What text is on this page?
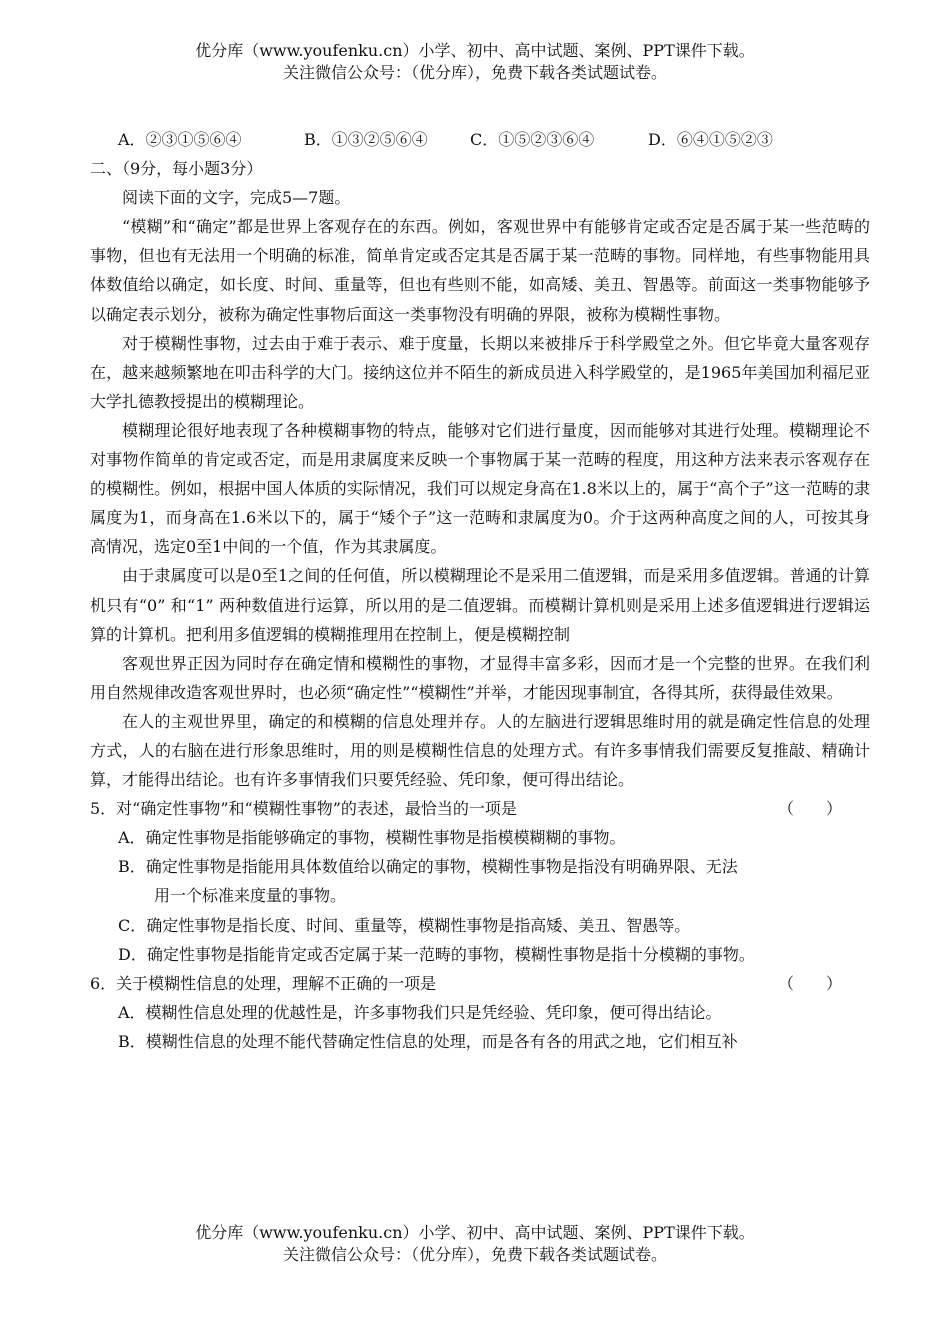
优分库（www.youfenku.cn）小学、初中、高中试题、案例、PPT课件下载。
关注微信公众号：（优分库），免费下载各类试题试卷。
A．②③①⑤⑥④	B．①③②⑤⑥④	C．①⑤②③⑥④	D．⑥④①⑤②③
二、（9分，每小题3分）

阅读下面的文字，完成5—7题。

“模糊”和“确定”都是世界上客观存在的东西。例如，客观世界中有能够肯定或否定是否属于某一些范畴的事物，但也有无法用一个明确的标准，简单肯定或否定其是否属于某一范畴的事物。同样地，有些事物能用具体数值给以确定，如长度、时间、重量等，但也有些则不能，如高矮、美丑、智愚等。前面这一类事物能够予以确定表示划分，被称为确定性事物后面这一类事物没有明确的界限，被称为模糊性事物。

对于模糊性事物，过去由于难于表示、难于度量，长期以来被排斥于科学殿堂之外。但它毕竟大量客观存在，越来越频繁地在叩击科学的大门。接纳这位并不陌生的新成员进入科学殿堂的，是1965年美国加利福尼亚大学扎德教授提出的模糊理论。

模糊理论很好地表现了各种模糊事物的特点，能够对它们进行量度，因而能够对其进行处理。模糊理论不对事物作简单的肯定或否定，而是用隶属度来反映一个事物属于某一范畴的程度，用这种方法来表示客观存在的模糊性。例如，根据中国人体质的实际情况，我们可以规定身高在1.8米以上的，属于“高个子”这一范畴的隶属度为1，而身高在1.6米以下的，属于“矮个子”这一范畴和隶属度为0。介于这两种高度之间的人，可按其身高情况，选定0至1中间的一个值，作为其隶属度。

由于隶属度可以是0至1之间的任何值，所以模糊理论不是采用二值逻辑，而是采用多值逻辑。普通的计算机只有“0” 和“1” 两种数值进行运算，所以用的是二值逻辑。而模糊计算机则是采用上述多值逻辑进行逻辑运算的计算机。把利用多值逻辑的模糊推理用在控制上，便是模糊控制

客观世界正因为同时存在确定情和模糊性的事物，才显得丰富多彩，因而才是一个完整的世界。在我们利用自然规律改造客观世界时，也必须“确定性”“模糊性”并举，才能因现事制宜，各得其所，获得最佳效果。

在人的主观世界里，确定的和模糊的信息处理并存。人的左脑进行逻辑思维时用的就是确定性信息的处理方式，人的右脑在进行形象思维时，用的则是模糊性信息的处理方式。有许多事情我们需要反复推敲、精确计算，才能得出结论。也有许多事情我们只要凭经验、凭印象，便可得出结论。

5．对“确定性事物”和“模糊性事物”的表述，最恰当的一项是	（　　）
A．确定性事物是指能够确定的事物，模糊性事物是指模模糊糊的事物。
B．确定性事物是指能用具体数值给以确定的事物，模糊性事物是指没有明确界限、无法
用一个标准来度量的事物。
C．确定性事物是指长度、时间、重量等，模糊性事物是指高矮、美丑、智愚等。
D．确定性事物是指能肯定或否定属于某一范畴的事物，模糊性事物是指十分模糊的事物。
6．关于模糊性信息的处理，理解不正确的一项是	（　　）
A．模糊性信息处理的优越性是，许多事物我们只是凭经验、凭印象，便可得出结论。
B．模糊性信息的处理不能代替确定性信息的处理，而是各有各的用武之地，它们相互补
优分库（www.youfenku.cn）小学、初中、高中试题、案例、PPT课件下载。
关注微信公众号：（优分库），免费下载各类试题试卷。
